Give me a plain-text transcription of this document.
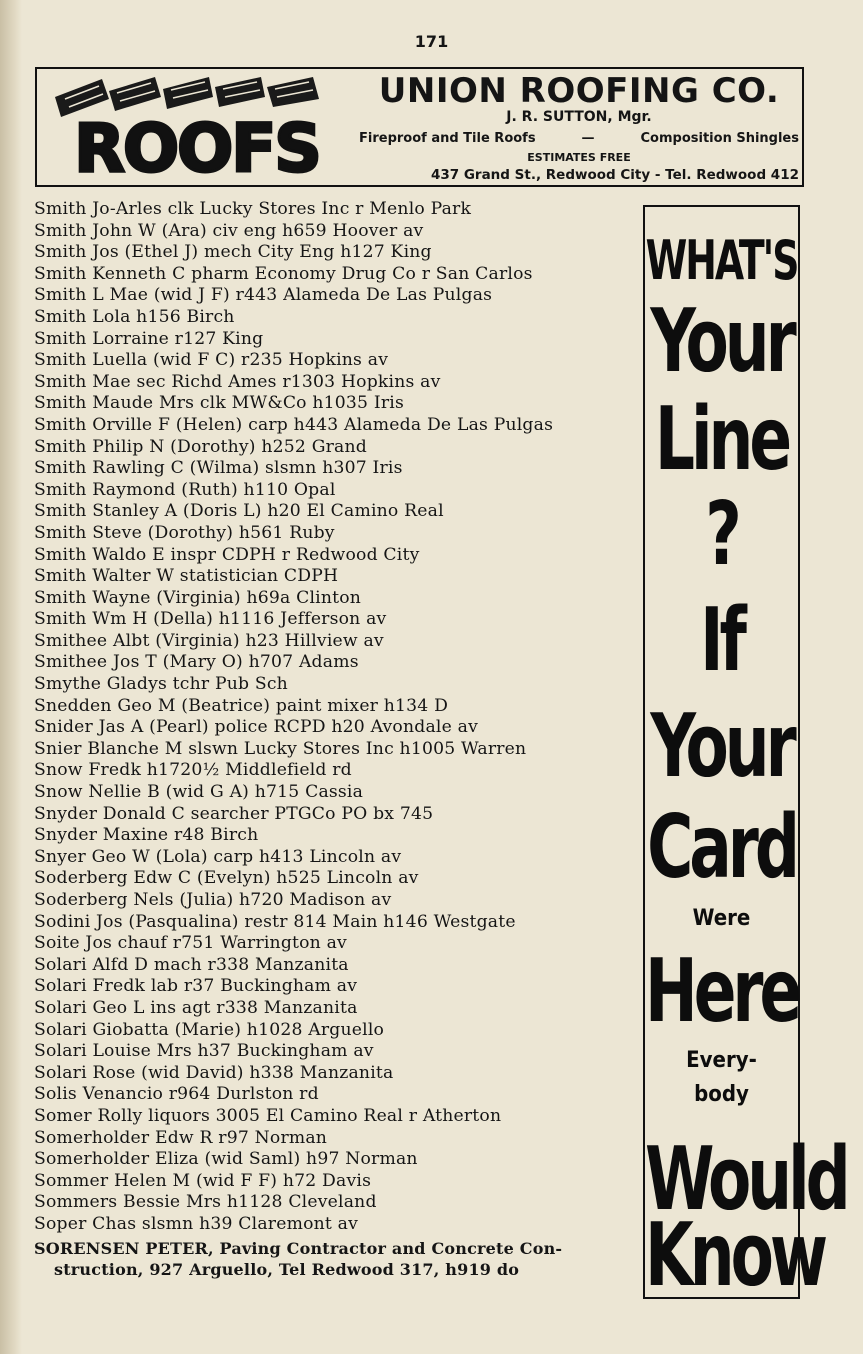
171
ROOFS
UNION ROOFING CO.
J. R. SUTTON, Mgr.
Fireproof and Tile Roofs	—	Composition Shingles
ESTIMATES FREE
437 Grand St., Redwood City - Tel. Redwood 412
Smith Jo-Arles clk Lucky Stores Inc r Menlo Park
Smith John W (Ara) civ eng h659 Hoover av
Smith Jos (Ethel J) mech City Eng h127 King
Smith Kenneth C pharm Economy Drug Co r San Carlos
Smith L Mae (wid J F) r443 Alameda De Las Pulgas
Smith Lola h156 Birch
Smith Lorraine r127 King
Smith Luella (wid F C) r235 Hopkins av
Smith Mae sec Richd Ames r1303 Hopkins av
Smith Maude Mrs clk MW&Co h1035 Iris
Smith Orville F (Helen) carp h443 Alameda De Las Pulgas
Smith Philip N (Dorothy) h252 Grand
Smith Rawling C (Wilma) slsmn h307 Iris
Smith Raymond (Ruth) h110 Opal
Smith Stanley A (Doris L) h20 El Camino Real
Smith Steve (Dorothy) h561 Ruby
Smith Waldo E inspr CDPH r Redwood City
Smith Walter W statistician CDPH
Smith Wayne (Virginia) h69a Clinton
Smith Wm H (Della) h1116 Jefferson av
Smithee Albt (Virginia) h23 Hillview av
Smithee Jos T (Mary O) h707 Adams
Smythe Gladys tchr Pub Sch
Snedden Geo M (Beatrice) paint mixer h134 D
Snider Jas A (Pearl) police RCPD h20 Avondale av
Snier Blanche M slswn Lucky Stores Inc h1005 Warren
Snow Fredk h1720½ Middlefield rd
Snow Nellie B (wid G A) h715 Cassia
Snyder Donald C searcher PTGCo PO bx 745
Snyder Maxine r48 Birch
Snyer Geo W (Lola) carp h413 Lincoln av
Soderberg Edw C (Evelyn) h525 Lincoln av
Soderberg Nels (Julia) h720 Madison av
Sodini Jos (Pasqualina) restr 814 Main h146 Westgate
Soite Jos chauf r751 Warrington av
Solari Alfd D mach r338 Manzanita
Solari Fredk lab r37 Buckingham av
Solari Geo L ins agt r338 Manzanita
Solari Giobatta (Marie) h1028 Arguello
Solari Louise Mrs h37 Buckingham av
Solari Rose (wid David) h338 Manzanita
Solis Venancio r964 Durlston rd
Somer Rolly liquors 3005 El Camino Real r Atherton
Somerholder Edw R r97 Norman
Somerholder Eliza (wid Saml) h97 Norman
Sommer Helen M (wid F F) h72 Davis
Sommers Bessie Mrs h1128 Cleveland
Soper Chas slsmn h39 Claremont av
SORENSEN PETER, Paving Contractor and Concrete Con-
struction, 927 Arguello, Tel Redwood 317, h919 do
WHAT'S
Your
Line
?
If
Your
Card
Were
Here
Every-
body
Would
Know
